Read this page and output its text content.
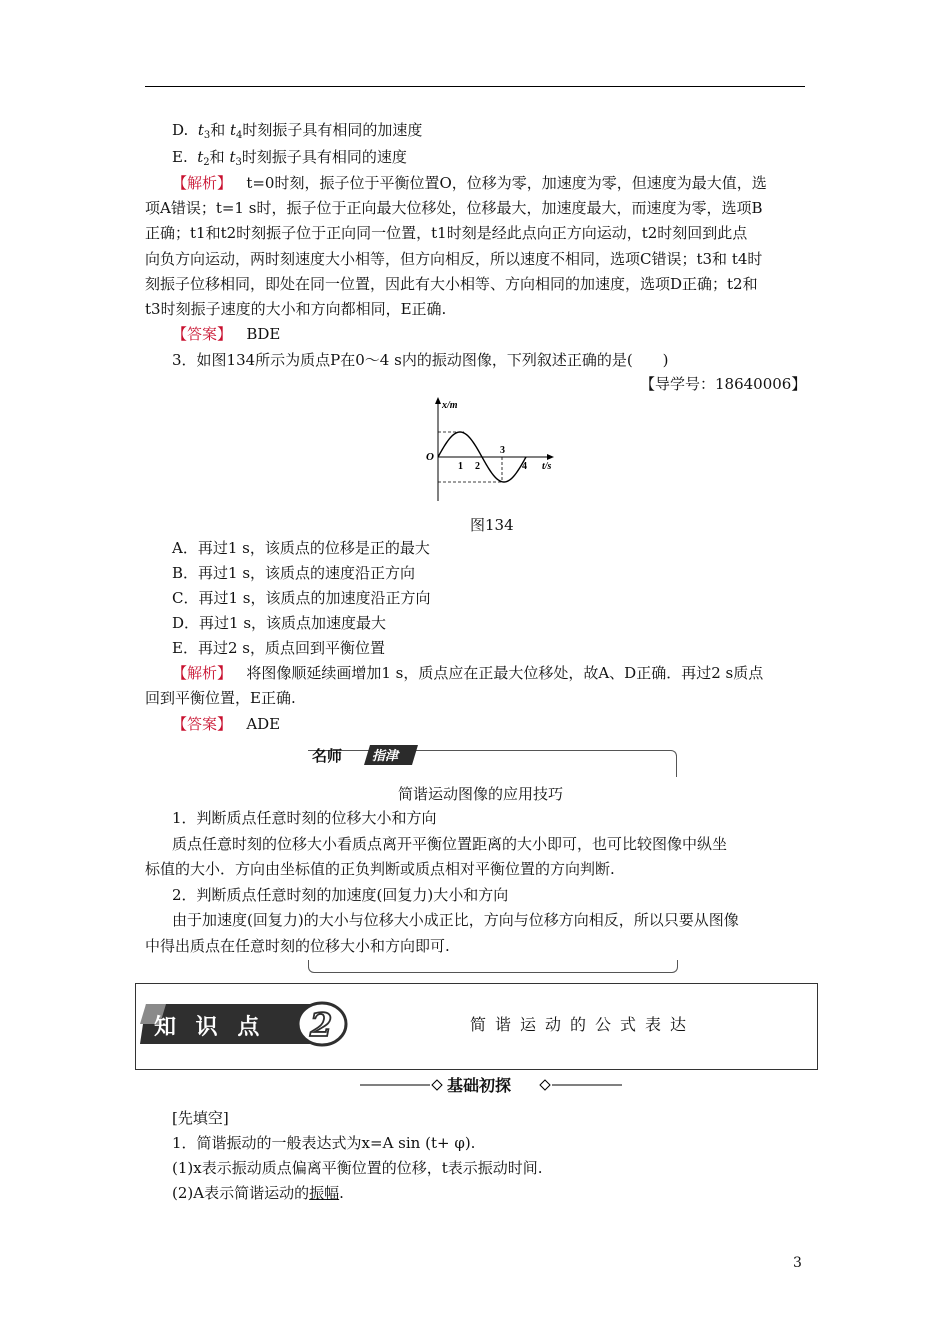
D. $t_3$和 $t_4$时刻振子具有相同的加速度
E. $t_2$和 $t_3$时刻振子具有相同的速度
【解析】 t=0时刻，振子位于平衡位置O，位移为零，加速度为零，但速度为最大值，选
项A错误；t=1 s时，振子位于正向最大位移处，位移最大，加速度最大，而速度为零，选项B
正确；t1和t2时刻振子位于正向同一位置，t1时刻是经此点向正方向运动，t2时刻回到此点
向负方向运动，两时刻速度大小相等，但方向相反，所以速度不相同，选项C错误；t3和 t4时
刻振子位移相同，即处在同一位置，因此有大小相等、方向相同的加速度，选项D正确；t2和
t3时刻振子速度的大小和方向都相同，E正确.
【答案】 BDE
3．如图134所示为质点P在0～4 s内的振动图像，下列叙述正确的是(　　)
【导学号：18640006】
x/m
O
1 2
3
4 t/s
图134
A．再过1 s，该质点的位移是正的最大
B．再过1 s，该质点的速度沿正方向
C．再过1 s，该质点的加速度沿正方向
D．再过1 s，该质点加速度最大
E．再过2 s，质点回到平衡位置
【解析】 将图像顺延续画增加1 s，质点应在正最大位移处，故A、D正确．再过2 s质点
回到平衡位置，E正确.
【答案】 ADE
名师 指津
简谐运动图像的应用技巧
1．判断质点任意时刻的位移大小和方向
质点任意时刻的位移大小看质点离开平衡位置距离的大小即可，也可比较图像中纵坐
标值的大小．方向由坐标值的正负判断或质点相对平衡位置的方向判断.
2．判断质点任意时刻的加速度(回复力)大小和方向
由于加速度(回复力)的大小与位移大小成正比，方向与位移方向相反，所以只要从图像
中得出质点在任意时刻的位移大小和方向即可.
知 识 点 2	简谐运动的公式表达
基础初探
[先填空]
1．简谐振动的一般表达式为x=A sin (t+ φ).
(1)x表示振动质点偏离平衡位置的位移，t表示振动时间.
(2)A表示简谐运动的振幅.
3
